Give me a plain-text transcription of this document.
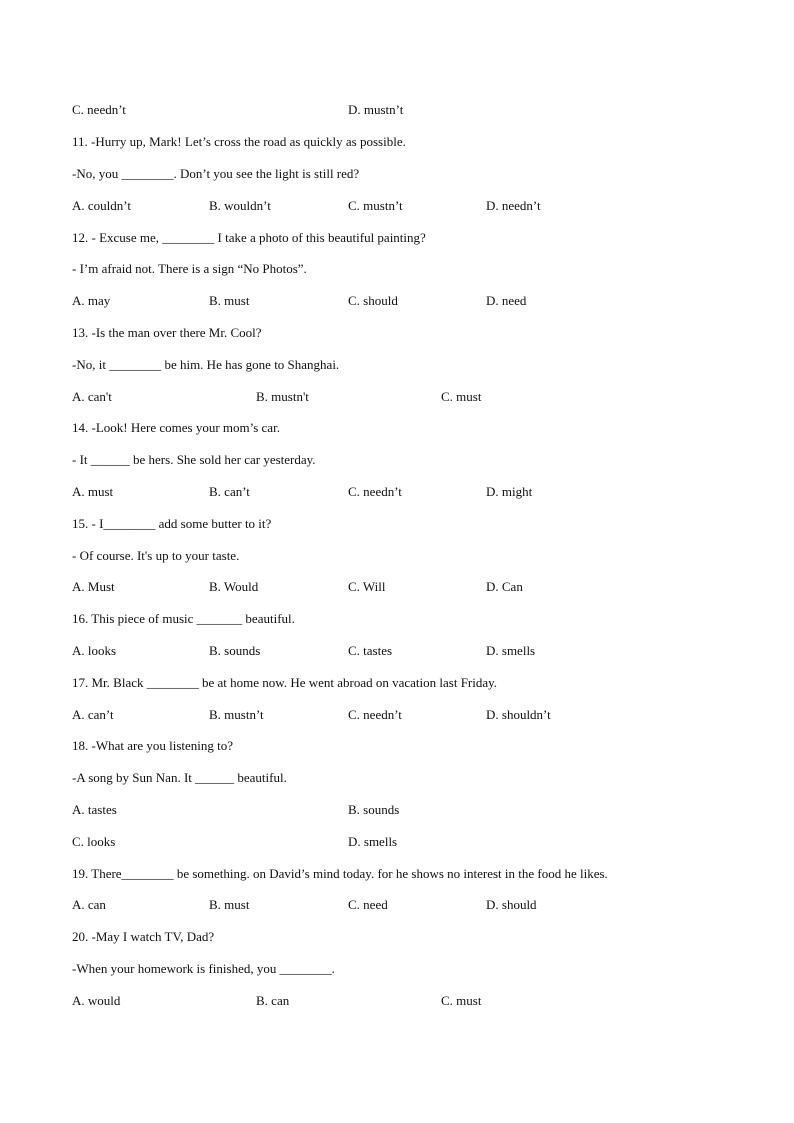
C. needn’t	D. mustn’t
11. -Hurry up, Mark! Let’s cross the road as quickly as possible.
-No, you ________. Don’t you see the light is still red?
A. couldn’t	B. wouldn’t	C. mustn’t	D. needn’t
12. - Excuse me, ________ I take a photo of this beautiful painting?
- I’m afraid not. There is a sign “No Photos”.
A. may	B. must	C. should	D. need
13. -Is the man over there Mr. Cool?
-No, it ________ be him. He has gone to Shanghai.
A. can't	B. mustn't	C. must
14. -Look! Here comes your mom’s car.
- It ______ be hers. She sold her car yesterday.
A. must	B. can’t	C. needn’t	D. might
15. - I________ add some butter to it?
- Of course. It's up to your taste.
A. Must	B. Would	C. Will	D. Can
16. This piece of music _______ beautiful.
A. looks	B. sounds	C. tastes	D. smells
17. Mr. Black ________ be at home now. He went abroad on vacation last Friday.
A. can’t	B. mustn’t	C. needn’t	D. shouldn’t
18. -What are you listening to?
-A song by Sun Nan. It ______ beautiful.
A. tastes	B. sounds
C. looks	D. smells
19. There________ be something. on David’s mind today. for he shows no interest in the food he likes.
A. can	B. must	C. need	D. should
20. -May I watch TV, Dad?
-When your homework is finished, you ________.
A. would	B. can	C. must
